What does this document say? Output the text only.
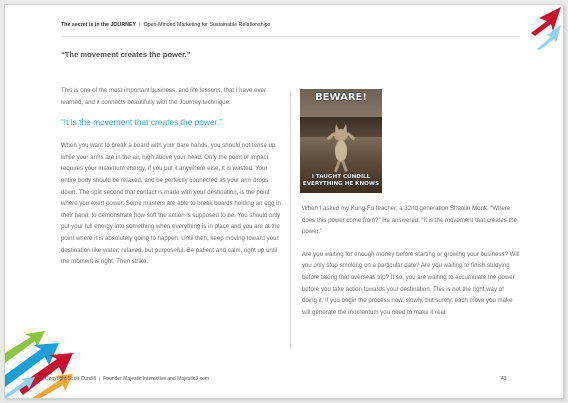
The secret is in the JOURNEY | Open-Minded Marketing for Sustainable Relationships
“The movement creates the power.”

This is one of the most important business, and life lessons, that I have ever learned, and it connects beautifully with the Journey technique:

“It is the movement that creates the power.”

When you want to break a board with your bare hands, you should not tense up while your arms are in the air, high above your head. Only the point of impact requires your maximum energy, if you put it anywhere else, it is wasted. Your entire body should be relaxed, and be perfectly connected as your arm drops down. The split second that contact is made with your destination, is the point where you exert power. Some masters are able to break boards holding an egg in their hand, to demonstrate how soft the action is supposed to be. You should only put your full energy into something when everything is in place and you are at the point where it is absolutely going to happen. Until then, keep moving toward your destination like water: relaxed, but purposeful. Be patient and calm, right up until the moment is right. Then strike.

BEWARE!
I TAUGHT CUNDILL
EVERYTHING HE KNOWS

When I asked my Kung-Fu teacher, a 32nd generation Shaolin Monk: “Where does this power come from?” He answered: “It is the movement that creates the power.”

Are you waiting for enough money before starting or growing your business? Will you only stop smoking on a particular date? Are you waiting to finish studying before taking that overseas trip? If so, you are waiting to accumulate the power before you take action towards your destination. This is not the right way of doing it. If you begin the process now, slowly, but surely, each move you make will generate the momentum you need to make it real.

Copyright Scott Cundill | Founder Majestic Interactive and Majestic3.com	43
